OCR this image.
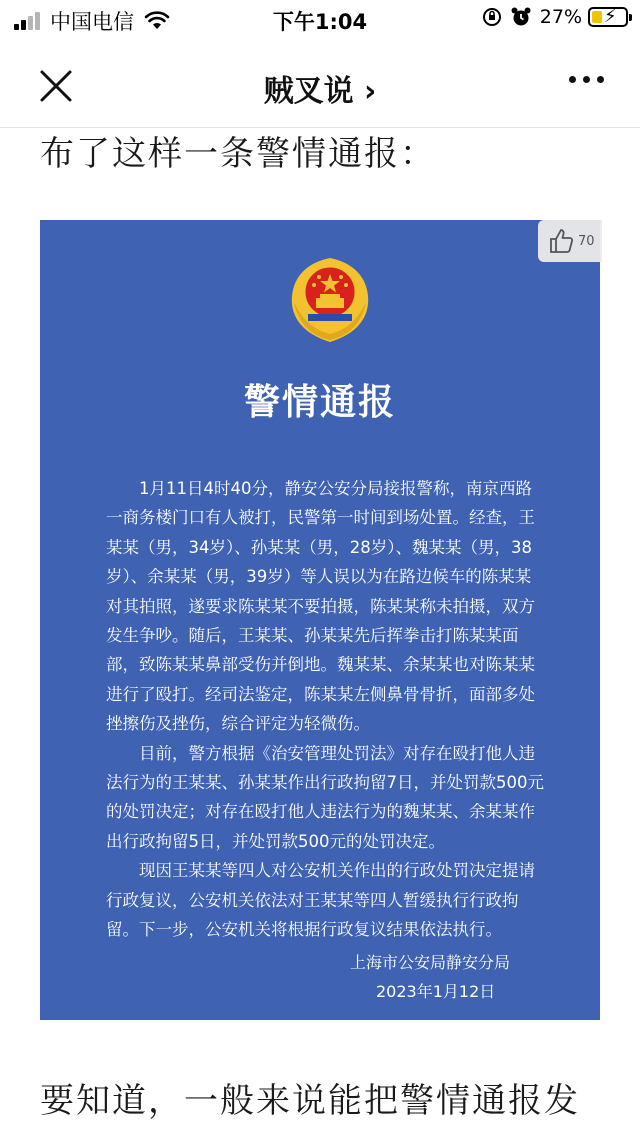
中国电信	下午1:04	27% ⚡
贼叉说 ›
布了这样一条警情通报：
警情通报

1月11日4时40分，静安公安分局接报警称，南京西路一商务楼门口有人被打，民警第一时间到场处置。经查，王某某（男，34岁）、孙某某（男，28岁）、魏某某（男，38岁）、余某某（男，39岁）等人误以为在路边候车的陈某某对其拍照，遂要求陈某某不要拍摄，陈某某称未拍摄，双方发生争吵。随后，王某某、孙某某先后挥拳击打陈某某面部，致陈某某鼻部受伤并倒地。魏某某、余某某也对陈某某进行了殴打。经司法鉴定，陈某某左侧鼻骨骨折，面部多处挫擦伤及挫伤，综合评定为轻微伤。

目前，警方根据《治安管理处罚法》对存在殴打他人违法行为的王某某、孙某某作出行政拘留7日，并处罚款500元的处罚决定；对存在殴打他人违法行为的魏某某、余某某作出行政拘留5日，并处罚款500元的处罚决定。

现因王某某等四人对公安机关作出的行政处罚决定提请行政复议，公安机关依法对王某某等四人暂缓执行行政拘留。下一步，公安机关将根据行政复议结果依法执行。

上海市公安局静安分局
2023年1月12日
70
要知道，一般来说能把警情通报发
